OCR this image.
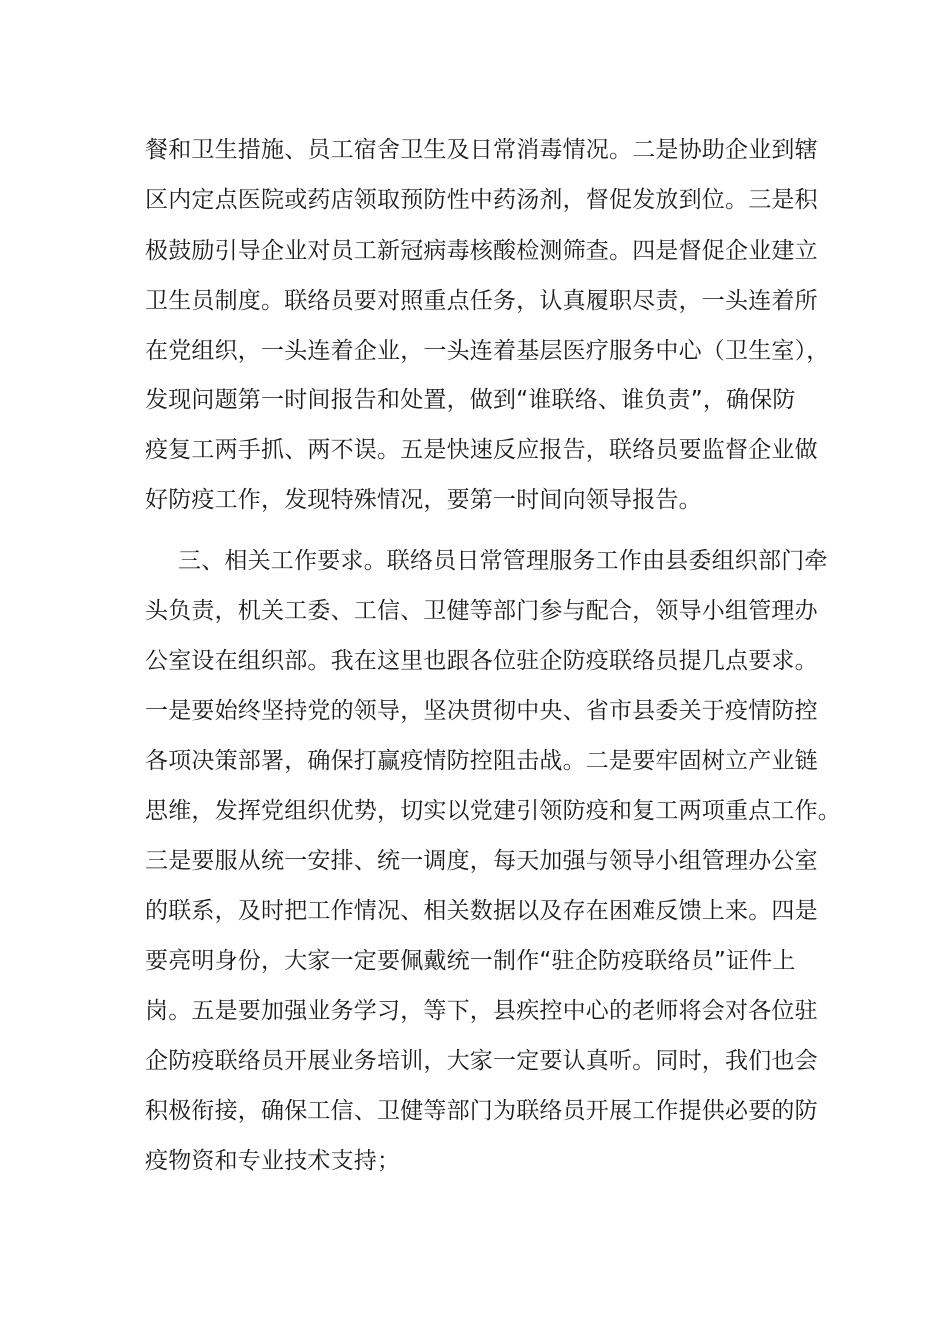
餐和卫生措施、员工宿舍卫生及日常消毒情况。二是协助企业到辖
区内定点医院或药店领取预防性中药汤剂，督促发放到位。三是积
极鼓励引导企业对员工新冠病毒核酸检测筛查。四是督促企业建立
卫生员制度。联络员要对照重点任务，认真履职尽责，一头连着所
在党组织，一头连着企业，一头连着基层医疗服务中心（卫生室），
发现问题第一时间报告和处置，做到“谁联络、谁负责”，确保防
疫复工两手抓、两不误。五是快速反应报告，联络员要监督企业做
好防疫工作，发现特殊情况，要第一时间向领导报告。
三、相关工作要求。联络员日常管理服务工作由县委组织部门牵
头负责，机关工委、工信、卫健等部门参与配合，领导小组管理办
公室设在组织部。我在这里也跟各位驻企防疫联络员提几点要求。
一是要始终坚持党的领导，坚决贯彻中央、省市县委关于疫情防控
各项决策部署，确保打赢疫情防控阻击战。二是要牢固树立产业链
思维，发挥党组织优势，切实以党建引领防疫和复工两项重点工作。
三是要服从统一安排、统一调度，每天加强与领导小组管理办公室
的联系，及时把工作情况、相关数据以及存在困难反馈上来。四是
要亮明身份，大家一定要佩戴统一制作“驻企防疫联络员”证件上
岗。五是要加强业务学习，等下，县疾控中心的老师将会对各位驻
企防疫联络员开展业务培训，大家一定要认真听。同时，我们也会
积极衔接，确保工信、卫健等部门为联络员开展工作提供必要的防
疫物资和专业技术支持；
